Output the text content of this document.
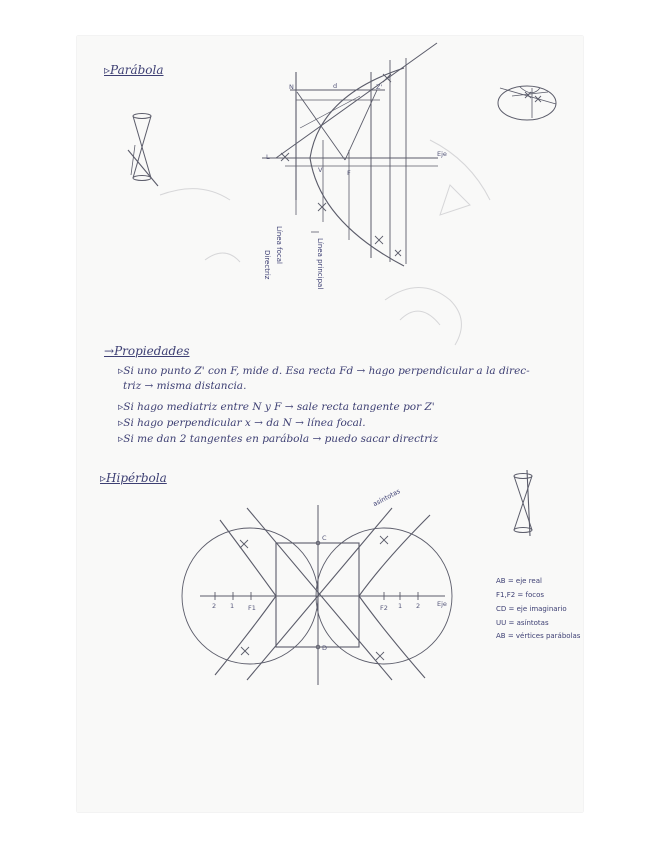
▹Parábola
N	d	Z'
L	Eje
F
V
Directriz
Línea focal	Línea principal
→Propiedades
▹Si uno punto Z' con F, mide d. Esa recta Fd → hago perpendicular a la direc-
triz → misma distancia.
▹Si hago mediatriz entre N y F → sale recta tangente por Z'
▹Si hago perpendicular x → da N → línea focal.
▹Si me dan 2 tangentes en parábola → puedo sacar directriz
▹Hipérbola
asíntotas
2 1 F1	F2 1 2	Eje
C
D
AB = eje real
F1,F2 = focos
CD = eje imaginario
UU = asíntotas
AB = vértices parábolas
